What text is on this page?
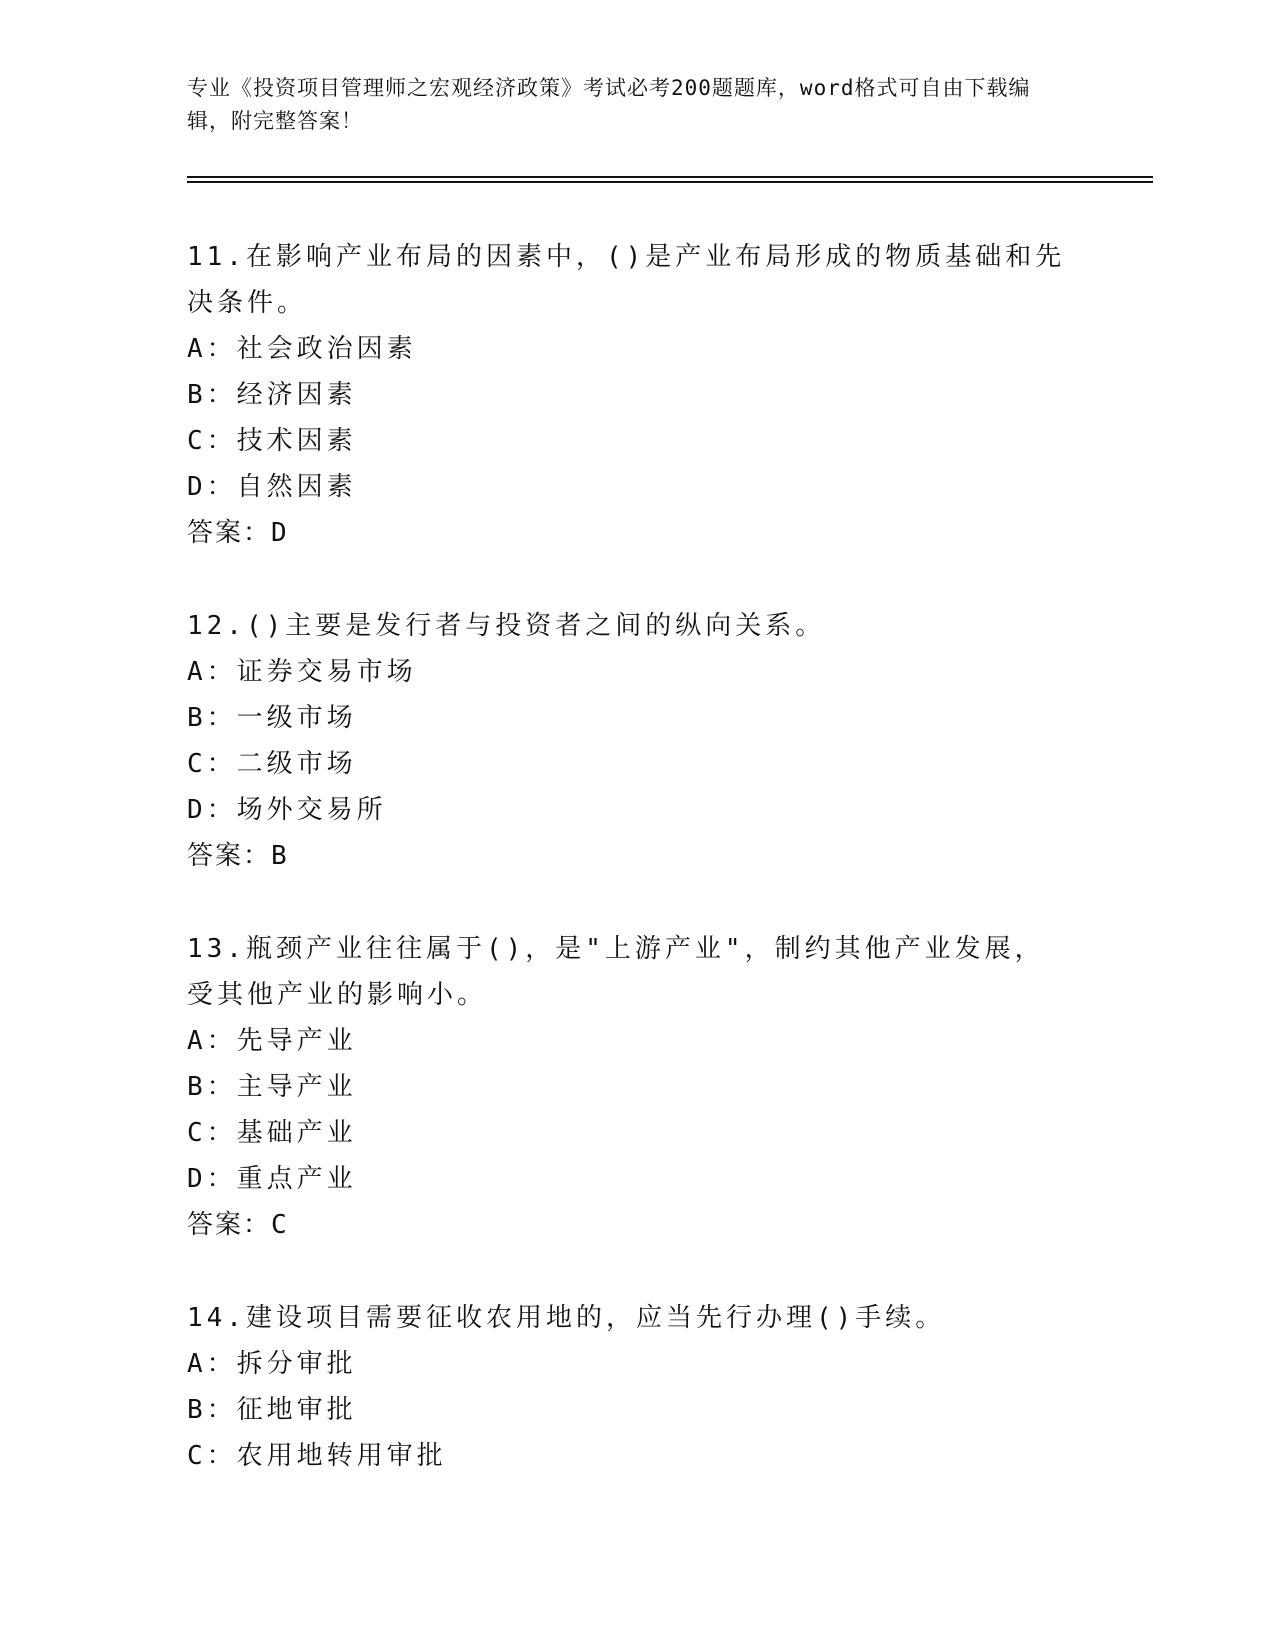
专业《投资项目管理师之宏观经济政策》考试必考200题题库，word格式可自由下载编辑，附完整答案！
11.在影响产业布局的因素中，()是产业布局形成的物质基础和先决条件。
A：社会政治因素
B：经济因素
C：技术因素
D：自然因素
答案：D
12.()主要是发行者与投资者之间的纵向关系。
A：证券交易市场
B：一级市场
C：二级市场
D：场外交易所
答案：B
13.瓶颈产业往往属于()，是"上游产业"，制约其他产业发展，受其他产业的影响小。
A：先导产业
B：主导产业
C：基础产业
D：重点产业
答案：C
14.建设项目需要征收农用地的，应当先行办理()手续。
A：拆分审批
B：征地审批
C：农用地转用审批
